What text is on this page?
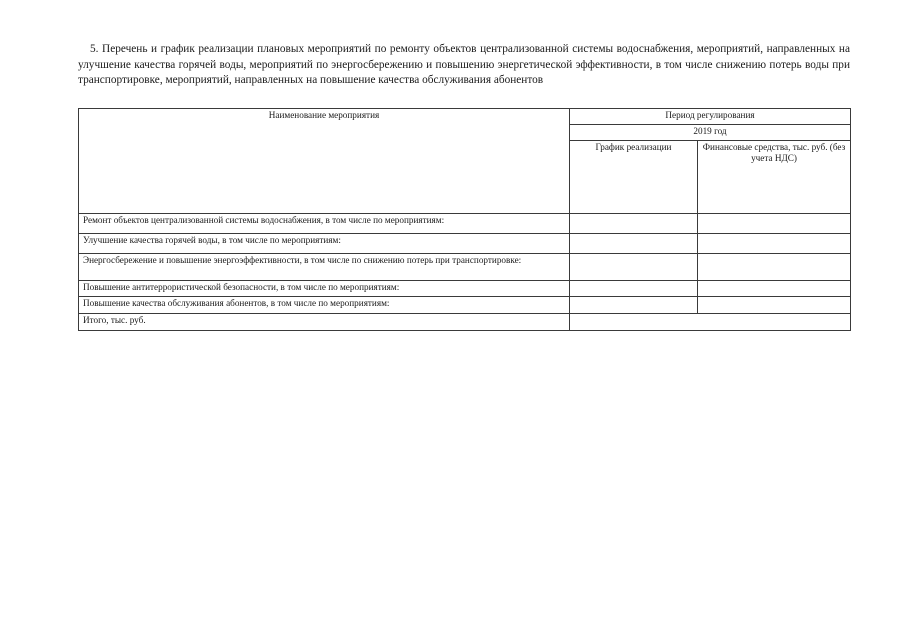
5. Перечень и график реализации плановых мероприятий по ремонту объектов централизованной системы водоснабжения, мероприятий, направленных на улучшение качества горячей воды, мероприятий по энергосбережению и повышению энергетической эффективности, в том числе снижению потерь воды при транспортировке, мероприятий, направленных на повышение качества обслуживания абонентов
Наименование мероприятия	Период регулирования	
	2019 год	
	График реализации	Финансовые средства, тыс. руб. (без учета НДС)
Ремонт объектов централизованной системы водоснабжения, в том числе по мероприятиям:		
Улучшение качества горячей воды, в том числе по мероприятиям:		
Энергосбережение и повышение энергоэффективности, в том числе по снижению потерь при транспортировке:		
Повышение антитеррористической безопасности, в том числе по мероприятиям:		
Повышение качества обслуживания абонентов, в том числе по мероприятиям:		
Итого, тыс. руб.		
